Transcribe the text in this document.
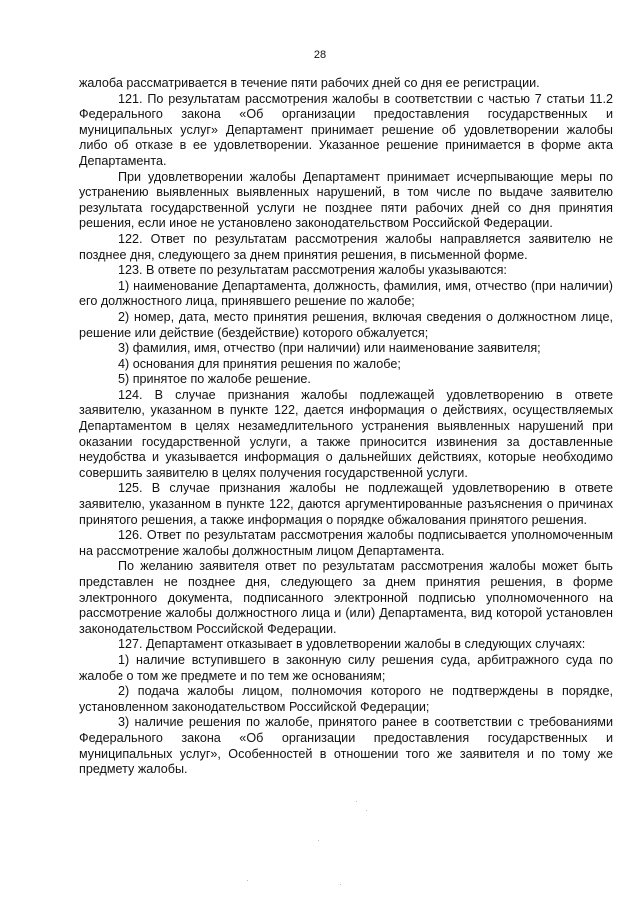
28

жалоба рассматривается в течение пяти рабочих дней со дня ее регистрации.

121. По результатам рассмотрения жалобы в соответствии с частью 7 статьи 11.2 Федерального закона «Об организации предоставления государственных и муниципальных услуг» Департамент принимает решение об удовлетворении жалобы либо об отказе в ее удовлетворении. Указанное решение принимается в форме акта Департамента.

При удовлетворении жалобы Департамент принимает исчерпывающие меры по устранению выявленных выявленных нарушений, в том числе по выдаче заявителю результата государственной услуги не позднее пяти рабочих дней со дня принятия решения, если иное не установлено законодательством Российской Федерации.

122. Ответ по результатам рассмотрения жалобы направляется заявителю не позднее дня, следующего за днем принятия решения, в письменной форме.

123. В ответе по результатам рассмотрения жалобы указываются:

1) наименование Департамента, должность, фамилия, имя, отчество (при наличии) его должностного лица, принявшего решение по жалобе;

2) номер, дата, место принятия решения, включая сведения о должностном лице, решение или действие (бездействие) которого обжалуется;

3) фамилия, имя, отчество (при наличии) или наименование заявителя;

4) основания для принятия решения по жалобе;

5) принятое по жалобе решение.

124. В случае признания жалобы подлежащей удовлетворению в ответе заявителю, указанном в пункте 122, дается информация о действиях, осуществляемых Департаментом в целях незамедлительного устранения выявленных нарушений при оказании государственной услуги, а также приносится извинения за доставленные неудобства и указывается информация о дальнейших действиях, которые необходимо совершить заявителю в целях получения государственной услуги.

125. В случае признания жалобы не подлежащей удовлетворению в ответе заявителю, указанном в пункте 122, даются аргументированные разъяснения о причинах принятого решения, а также информация о порядке обжалования принятого решения.

126. Ответ по результатам рассмотрения жалобы подписывается уполномоченным на рассмотрение жалобы должностным лицом Департамента.

По желанию заявителя ответ по результатам рассмотрения жалобы может быть представлен не позднее дня, следующего за днем принятия решения, в форме электронного документа, подписанного электронной подписью уполномоченного на рассмотрение жалобы должностного лица и (или) Департамента, вид которой установлен законодательством Российской Федерации.

127. Департамент отказывает в удовлетворении жалобы в следующих случаях:

1) наличие вступившего в законную силу решения суда, арбитражного суда по жалобе о том же предмете и по тем же основаниям;

2) подача жалобы лицом, полномочия которого не подтверждены в порядке, установленном законодательством Российской Федерации;

3) наличие решения по жалобе, принятого ранее в соответствии с требованиями Федерального закона «Об организации предоставления государственных и муниципальных услуг», Особенностей в отношении того же заявителя и по тому же предмету жалобы.
